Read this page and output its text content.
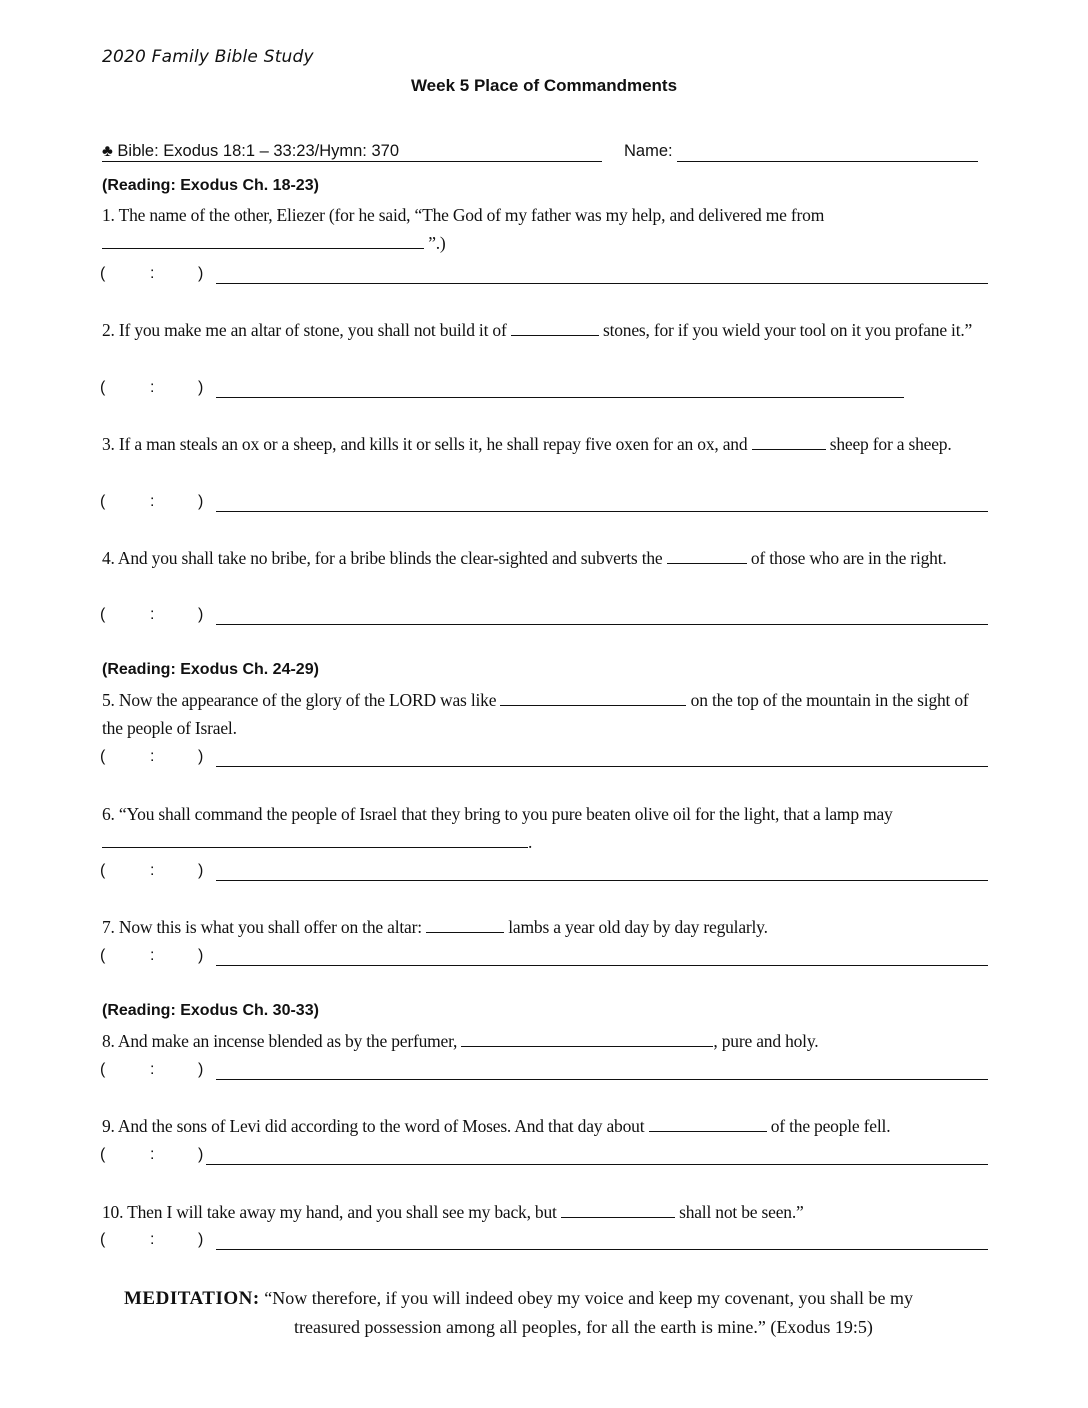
2020 Family Bible Study
Week 5 Place of Commandments
♣ Bible: Exodus 18:1 – 33:23/Hymn: 370	Name:
(Reading: Exodus Ch. 18-23)
1. The name of the other, Eliezer (for he said, “The God of my father was my help, and delivered me from
”.)
(	:	)
2. If you make me an altar of stone, you shall not build it of	stones, for if you wield your tool on it you profane it.”
(	:	)
3. If a man steals an ox or a sheep, and kills it or sells it, he shall repay five oxen for an ox, and	sheep for a sheep.
(	:	)
4. And you shall take no bribe, for a bribe blinds the clear-sighted and subverts the	of those who are in the right.
(	:	)
(Reading: Exodus Ch. 24-29)
5. Now the appearance of the glory of the LORD was like	on the top of the mountain in the sight of the people of Israel.
(	:	)
6. “You shall command the people of Israel that they bring to you pure beaten olive oil for the light, that a lamp may
.
(	:	)
7. Now this is what you shall offer on the altar:	lambs a year old day by day regularly.
(	:	)
(Reading: Exodus Ch. 30-33)
8. And make an incense blended as by the perfumer,	, pure and holy.
(	:	)
9. And the sons of Levi did according to the word of Moses. And that day about	of the people fell.
(	:	)
10. Then I will take away my hand, and you shall see my back, but	shall not be seen.”
(	:	)
MEDITATION: “Now therefore, if you will indeed obey my voice and keep my covenant, you shall be my
treasured possession among all peoples, for all the earth is mine.” (Exodus 19:5)
